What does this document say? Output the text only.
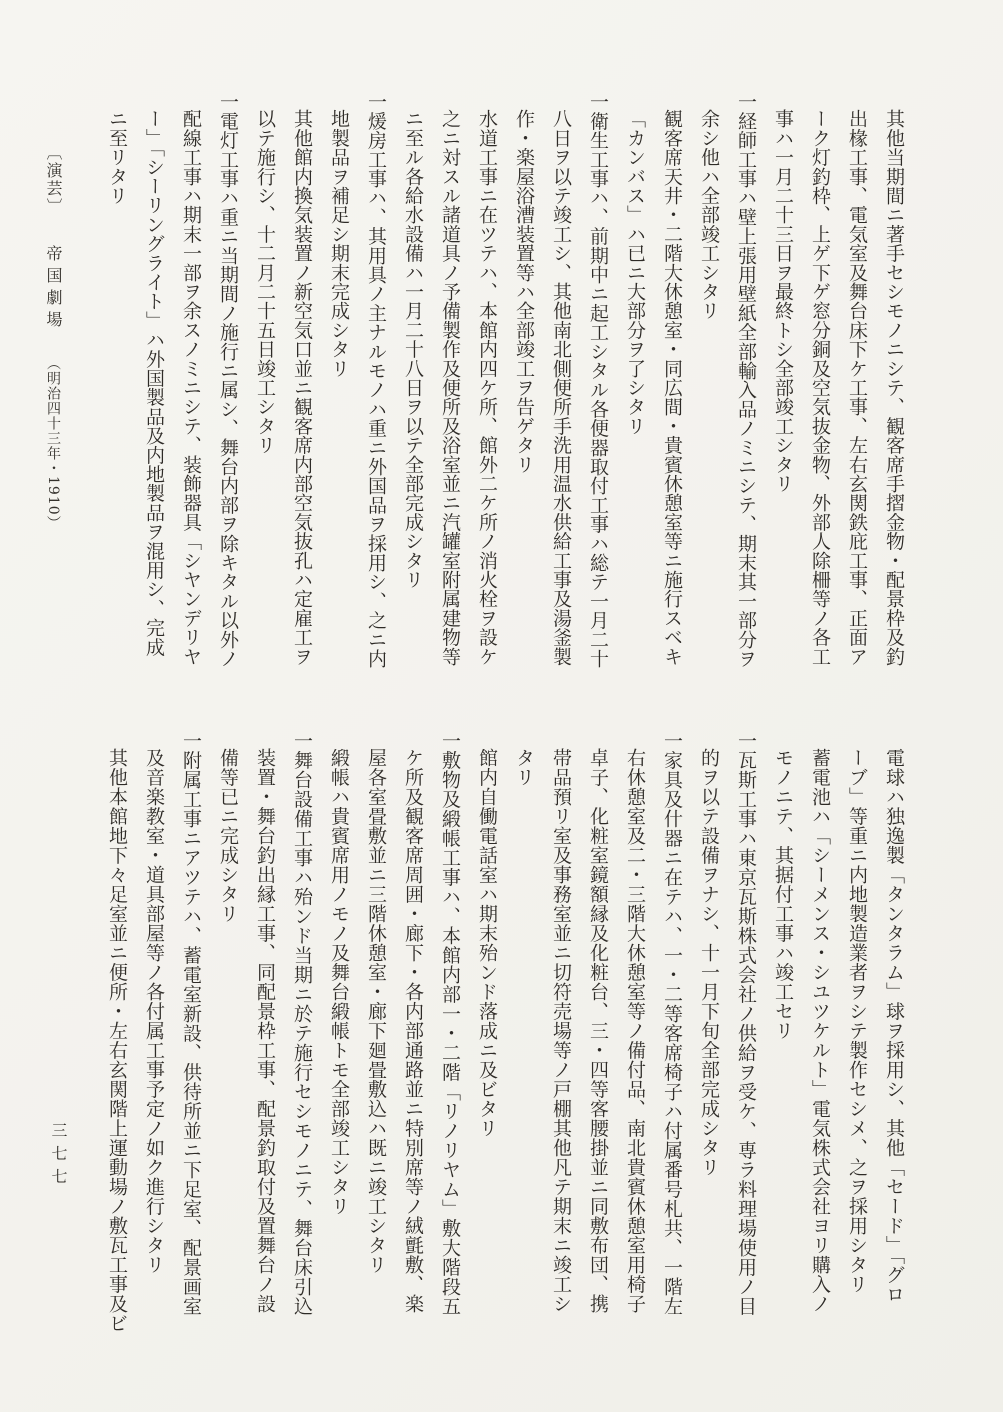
其他当期間ニ著手セシモノニシテ、観客席手摺金物・配景枠及釣
出椽工事、電気室及舞台床下ケ工事、左右玄関鉄庇工事、正面ア
ーク灯釣枠、上ゲ下ゲ窓分銅及空気抜金物、外部人除柵等ノ各工
事ハ一月二十三日ヲ最終トシ全部竣工シタリ
一経師工事ハ壁上張用壁紙全部輸入品ノミニシテ、期末其一部分ヲ
余シ他ハ全部竣工シタリ
観客席天井・二階大休憩室・同広間・貴賓休憩室等ニ施行スベキ
「カンバス」ハ已ニ大部分ヲ了シタリ
一衛生工事ハ、前期中ニ起工シタル各便器取付工事ハ総テ一月二十
八日ヲ以テ竣工シ、其他南北側便所手洗用温水供給工事及湯釜製
作・楽屋浴漕装置等ハ全部竣工ヲ告ゲタリ
水道工事ニ在ツテハ、本館内四ケ所、館外二ケ所ノ消火栓ヲ設ケ
之ニ対スル諸道具ノ予備製作及便所及浴室並ニ汽罐室附属建物等
ニ至ル各給水設備ハ一月二十八日ヲ以テ全部完成シタリ
一煖房工事ハ、其用具ノ主ナルモノハ重ニ外国品ヲ採用シ、之ニ内
地製品ヲ補足シ期末完成シタリ
其他館内換気装置ノ新空気口並ニ観客席内部空気抜孔ハ定雇工ヲ
以テ施行シ、十二月二十五日竣工シタリ
一電灯工事ハ重ニ当期間ノ施行ニ属シ、舞台内部ヲ除キタル以外ノ
配線工事ハ期末一部ヲ余スノミニシテ、装飾器具「シヤンデリヤ
ー」「シーリングライト」ハ外国製品及内地製品ヲ混用シ、完成
ニ至リタリ
電球ハ独逸製「タンタラム」球ヲ採用シ、其他「セード」「グロ
ーブ」等重ニ内地製造業者ヲシテ製作セシメ、之ヲ採用シタリ
蓄電池ハ「シーメンス・シユツケルト」電気株式会社ヨリ購入ノ
モノニテ、其据付工事ハ竣工セリ
一瓦斯工事ハ東京瓦斯株式会社ノ供給ヲ受ケ、専ラ料理場使用ノ目
的ヲ以テ設備ヲナシ、十一月下旬全部完成シタリ
一家具及什器ニ在テハ、一・二等客席椅子ハ付属番号札共、一階左
右休憩室及二・三階大休憩室等ノ備付品、南北貴賓休憩室用椅子
卓子、化粧室鏡額縁及化粧台、三・四等客腰掛並ニ同敷布団、携
帯品預リ室及事務室並ニ切符売場等ノ戸棚其他凡テ期末ニ竣工シ
タリ
館内自働電話室ハ期末殆ンド落成ニ及ビタリ
一敷物及緞帳工事ハ、本館内部一・二階「リノリヤム」敷大階段五
ケ所及観客席周囲・廊下・各内部通路並ニ特別席等ノ絨氈敷、楽
屋各室畳敷並ニ三階休憩室・廊下廻畳敷込ハ既ニ竣工シタリ
緞帳ハ貴賓席用ノモノ及舞台緞帳トモ全部竣工シタリ
一舞台設備工事ハ殆ンド当期ニ於テ施行セシモノニテ、舞台床引込
装置・舞台釣出縁工事、同配景枠工事、配景釣取付及置舞台ノ設
備等已ニ完成シタリ
一附属工事ニアツテハ、蓄電室新設、供待所並ニ下足室、配景画室
及音楽教室・道具部屋等ノ各付属工事予定ノ如ク進行シタリ
其他本館地下々足室並ニ便所・左右玄関階上運動場ノ敷瓦工事及ビ
〔演芸〕 帝国劇場 （明治四十三年・1910）
三七七
